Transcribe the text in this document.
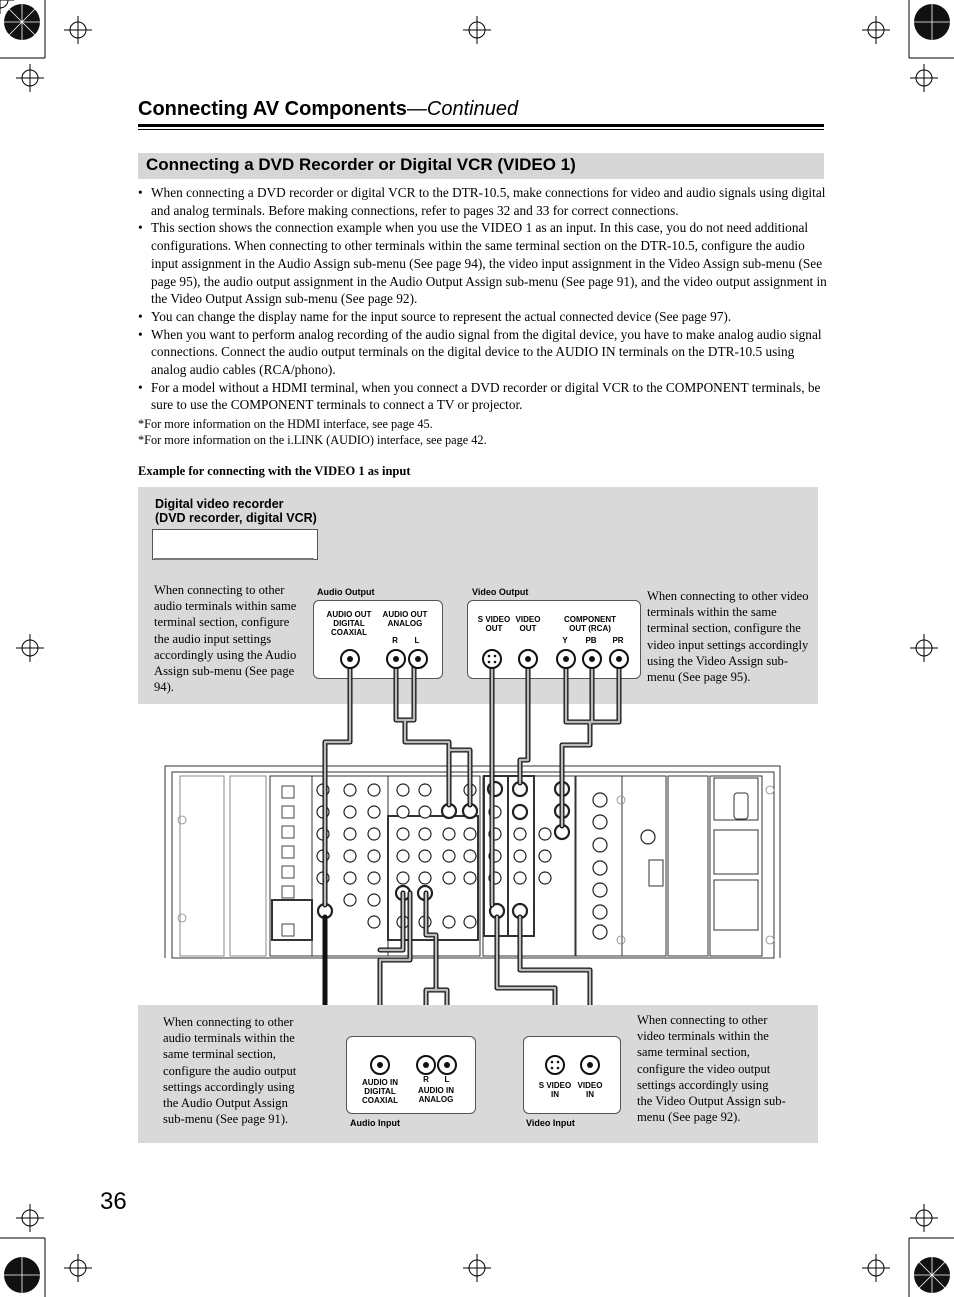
Connecting AV Components—Continued
Connecting a DVD Recorder or Digital VCR (VIDEO 1)
• When connecting a DVD recorder or digital VCR to the DTR-10.5, make connections for video and audio signals using digital and analog terminals. Before making connections, refer to pages 32 and 33 for correct connections.
• This section shows the connection example when you use the VIDEO 1 as an input. In this case, you do not need additional configurations. When connecting to other terminals within the same terminal section on the DTR-10.5, configure the audio input assignment in the Audio Assign sub-menu (See page 94), the video input assignment in the Video Assign sub-menu (See page 95), the audio output assignment in the Audio Output Assign sub-menu (See page 91), and the video output assignment in the Video Output Assign sub-menu (See page 92).
• You can change the display name for the input source to represent the actual connected device (See page 97).
• When you want to perform analog recording of the audio signal from the digital device, you have to make analog audio signal connections. Connect the audio output terminals on the digital device to the AUDIO IN terminals on the DTR-10.5 using analog audio cables (RCA/phono).
• For a model without a HDMI terminal, when you connect a DVD recorder or digital VCR to the COMPONENT terminals, be sure to use the COMPONENT terminals to connect a TV or projector.
*For more information on the HDMI interface, see page 45.
*For more information on the i.LINK (AUDIO) interface, see page 42.
Example for connecting with the VIDEO 1 as input
Digital video recorder
(DVD recorder, digital VCR)
When connecting to other audio terminals within same terminal section, configure the audio input settings accordingly using the Audio Assign sub-menu (See page 94).
When connecting to other video terminals within the same terminal section, configure the video input settings accordingly using the Video Assign sub-menu (See page 95).
Audio Output
AUDIO OUT DIGITAL COAXIAL
AUDIO OUT ANALOG
R	L
Video Output
S VIDEO OUT
VIDEO OUT
COMPONENT OUT (RCA)
Y	PB PR
When connecting to other audio terminals within the same terminal section, configure the audio output settings accordingly using the Audio Output Assign sub-menu (See page 91).
When connecting to other video terminals within the same terminal section, configure the video output settings accordingly using the Video Output Assign sub-menu (See page 92).
AUDIO IN DIGITAL COAXIAL
R	L
AUDIO IN ANALOG
Audio Input
S VIDEO IN
VIDEO IN
Video Input
36
